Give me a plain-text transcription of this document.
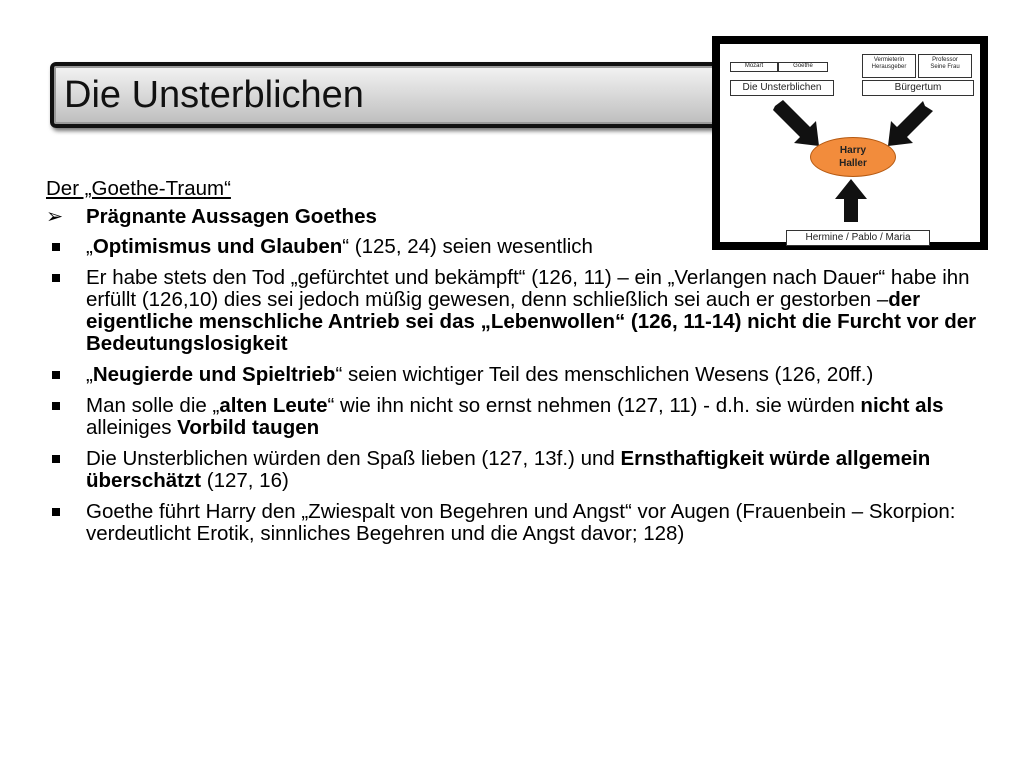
Die Unsterblichen
Mozart	Goethe
Die Unsterblichen
Vermieterin
Herausgeber
Professor
Seine Frau
Bürgertum
Harry
Haller
Hermine / Pablo / Maria
Der „Goethe-Traum“
➢ Prägnante Aussagen Goethes
„Optimismus und Glauben“ (125, 24) seien wesentlich
Er habe stets den Tod „gefürchtet und bekämpft“ (126, 11) – ein „Verlangen nach Dauer“ habe ihn erfüllt (126,10) dies sei jedoch müßig gewesen, denn schließlich sei auch er gestorben –der eigentliche menschliche Antrieb sei das „Lebenwollen“ (126, 11-14) nicht die Furcht vor der Bedeutungslosigkeit
„Neugierde und Spieltrieb“ seien wichtiger Teil des menschlichen Wesens (126, 20ff.)
Man solle die „alten Leute“ wie ihn nicht so ernst nehmen (127, 11) - d.h. sie würden nicht als alleiniges Vorbild taugen
Die Unsterblichen würden den Spaß lieben (127, 13f.) und Ernsthaftigkeit würde allgemein überschätzt (127, 16)
Goethe führt Harry den „Zwiespalt von Begehren und Angst“ vor Augen (Frauenbein – Skorpion: verdeutlicht Erotik, sinnliches Begehren und die Angst davor; 128)
